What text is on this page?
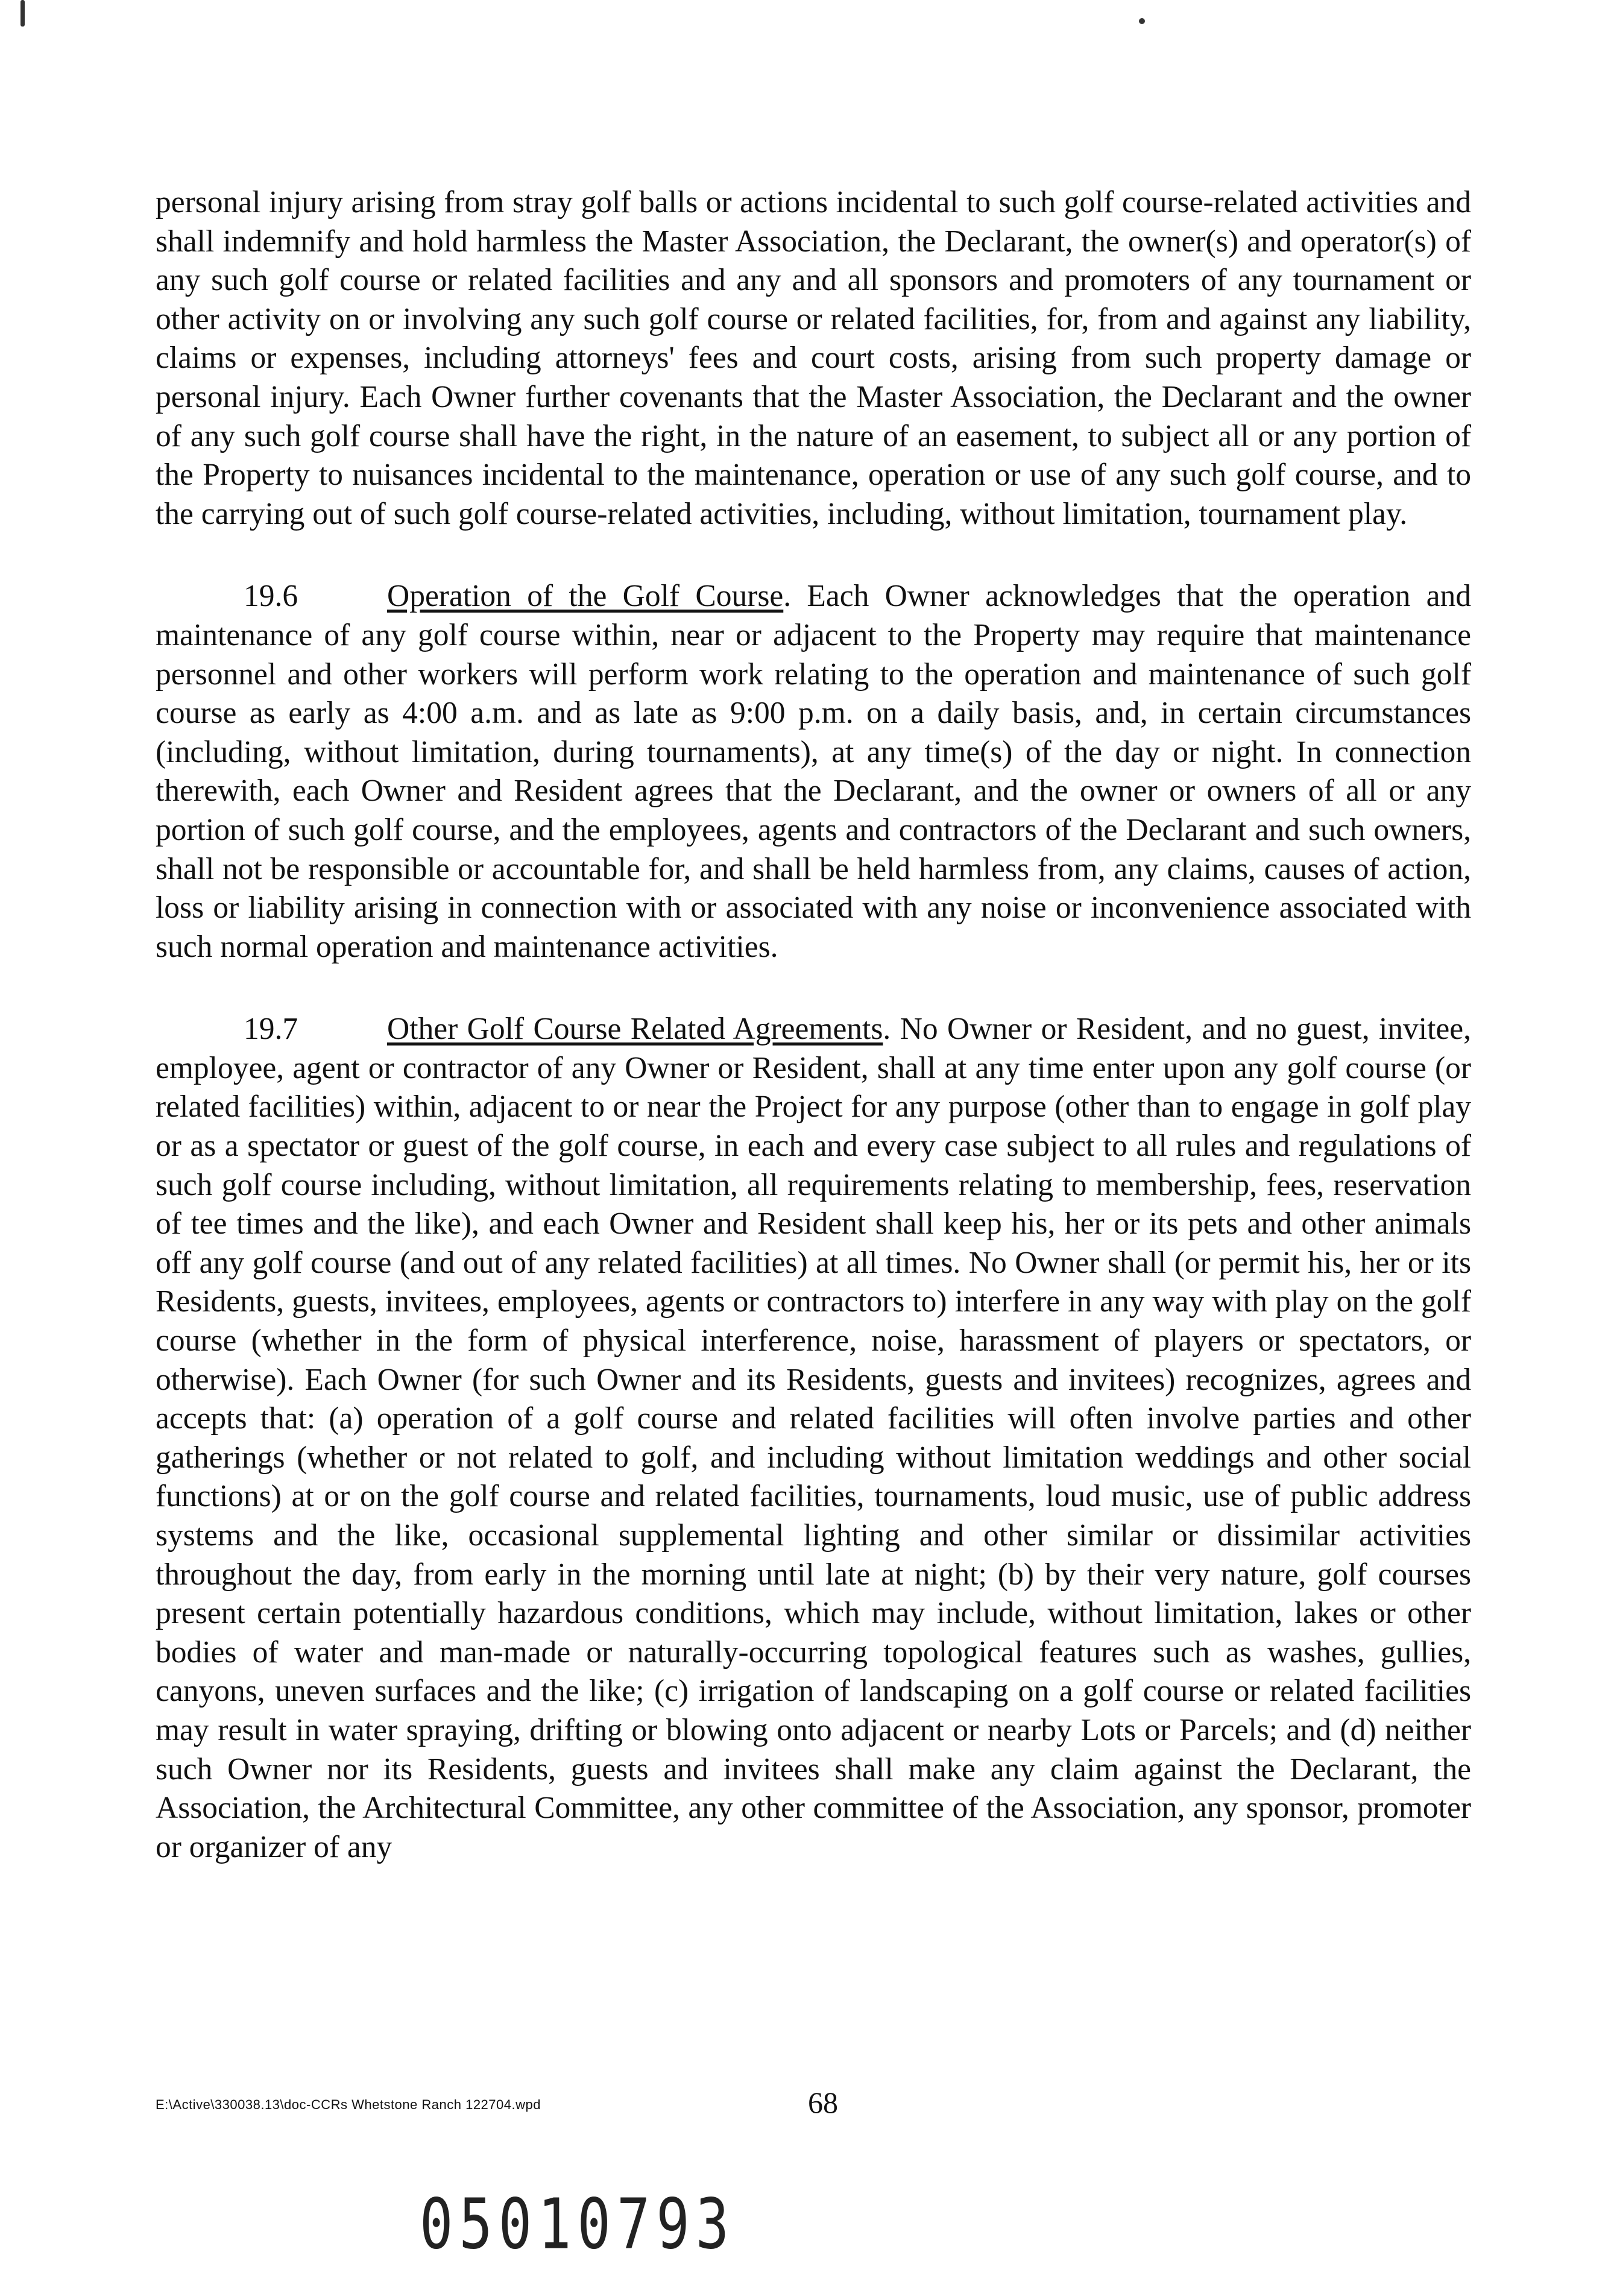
personal injury arising from stray golf balls or actions incidental to such golf course-related activities and shall indemnify and hold harmless the Master Association, the Declarant, the owner(s) and operator(s) of any such golf course or related facilities and any and all sponsors and promoters of any tournament or other activity on or involving any such golf course or related facilities, for, from and against any liability, claims or expenses, including attorneys' fees and court costs, arising from such property damage or personal injury. Each Owner further covenants that the Master Association, the Declarant and the owner of any such golf course shall have the right, in the nature of an easement, to subject all or any portion of the Property to nuisances incidental to the maintenance, operation or use of any such golf course, and to the carrying out of such golf course-related activities, including, without limitation, tournament play.

19.6	Operation of the Golf Course. Each Owner acknowledges that the operation and maintenance of any golf course within, near or adjacent to the Property may require that maintenance personnel and other workers will perform work relating to the operation and maintenance of such golf course as early as 4:00 a.m. and as late as 9:00 p.m. on a daily basis, and, in certain circumstances (including, without limitation, during tournaments), at any time(s) of the day or night. In connection therewith, each Owner and Resident agrees that the Declarant, and the owner or owners of all or any portion of such golf course, and the employees, agents and contractors of the Declarant and such owners, shall not be responsible or accountable for, and shall be held harmless from, any claims, causes of action, loss or liability arising in connection with or associated with any noise or inconvenience associated with such normal operation and maintenance activities.

19.7	Other Golf Course Related Agreements. No Owner or Resident, and no guest, invitee, employee, agent or contractor of any Owner or Resident, shall at any time enter upon any golf course (or related facilities) within, adjacent to or near the Project for any purpose (other than to engage in golf play or as a spectator or guest of the golf course, in each and every case subject to all rules and regulations of such golf course including, without limitation, all requirements relating to membership, fees, reservation of tee times and the like), and each Owner and Resident shall keep his, her or its pets and other animals off any golf course (and out of any related facilities) at all times. No Owner shall (or permit his, her or its Residents, guests, invitees, employees, agents or contractors to) interfere in any way with play on the golf course (whether in the form of physical interference, noise, harassment of players or spectators, or otherwise). Each Owner (for such Owner and its Residents, guests and invitees) recognizes, agrees and accepts that: (a) operation of a golf course and related facilities will often involve parties and other gatherings (whether or not related to golf, and including without limitation weddings and other social functions) at or on the golf course and related facilities, tournaments, loud music, use of public address systems and the like, occasional supplemental lighting and other similar or dissimilar activities throughout the day, from early in the morning until late at night; (b) by their very nature, golf courses present certain potentially hazardous conditions, which may include, without limitation, lakes or other bodies of water and man-made or naturally-occurring topological features such as washes, gullies, canyons, uneven surfaces and the like; (c) irrigation of landscaping on a golf course or related facilities may result in water spraying, drifting or blowing onto adjacent or nearby Lots or Parcels; and (d) neither such Owner nor its Residents, guests and invitees shall make any claim against the Declarant, the Association, the Architectural Committee, any other committee of the Association, any sponsor, promoter or organizer of any

E:\Active\330038.13\doc-CCRs Whetstone Ranch 122704.wpd	68
05010793
